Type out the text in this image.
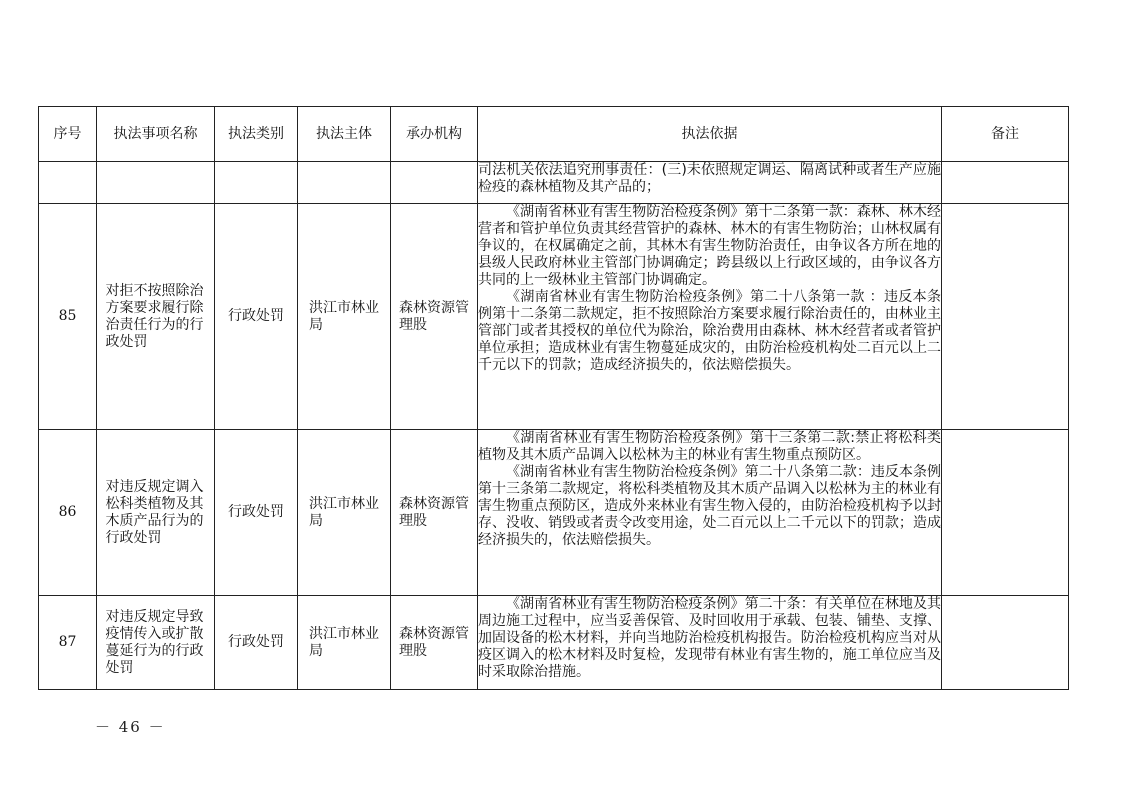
序号	执法事项名称	执法类别	执法主体	承办机构	执法依据	备注

					司法机关依法追究刑事责任：(三)未依照规定调运、隔离试种或者生产应施检疫的森林植物及其产品的；	

85	对拒不按照除治方案要求履行除治责任行为的行政处罚	行政处罚	洪江市林业局	森林资源管理股	《湖南省林业有害生物防治检疫条例》第十二条第一款：森林、林木经营者和管护单位负责其经营管护的森林、林木的有害生物防治；山林权属有争议的，在权属确定之前，其林木有害生物防治责任，由争议各方所在地的县级人民政府林业主管部门协调确定；跨县级以上行政区域的，由争议各方共同的上一级林业主管部门协调确定。

《湖南省林业有害生物防治检疫条例》第二十八条第一款 ：违反本条例第十二条第二款规定，拒不按照除治方案要求履行除治责任的，由林业主管部门或者其授权的单位代为除治，除治费用由森林、林木经营者或者管护单位承担；造成林业有害生物蔓延成灾的，由防治检疫机构处二百元以上二千元以下的罚款；造成经济损失的，依法赔偿损失。	

86	对违反规定调入松科类植物及其木质产品行为的行政处罚	行政处罚	洪江市林业局	森林资源管理股	《湖南省林业有害生物防治检疫条例》第十三条第二款:禁止将松科类植物及其木质产品调入以松林为主的林业有害生物重点预防区。

《湖南省林业有害生物防治检疫条例》第二十八条第二款：违反本条例第十三条第二款规定，将松科类植物及其木质产品调入以松林为主的林业有害生物重点预防区，造成外来林业有害生物入侵的，由防治检疫机构予以封存、没收、销毁或者责令改变用途，处二百元以上二千元以下的罚款；造成经济损失的，依法赔偿损失。	

87	对违反规定导致疫情传入或扩散蔓延行为的行政处罚	行政处罚	洪江市林业局	森林资源管理股	《湖南省林业有害生物防治检疫条例》第二十条：有关单位在林地及其周边施工过程中，应当妥善保管、及时回收用于承载、包装、铺垫、支撑、加固设备的松木材料，并向当地防治检疫机构报告。防治检疫机构应当对从疫区调入的松木材料及时复检，发现带有林业有害生物的，施工单位应当及时采取除治措施。	

－ 46 －
